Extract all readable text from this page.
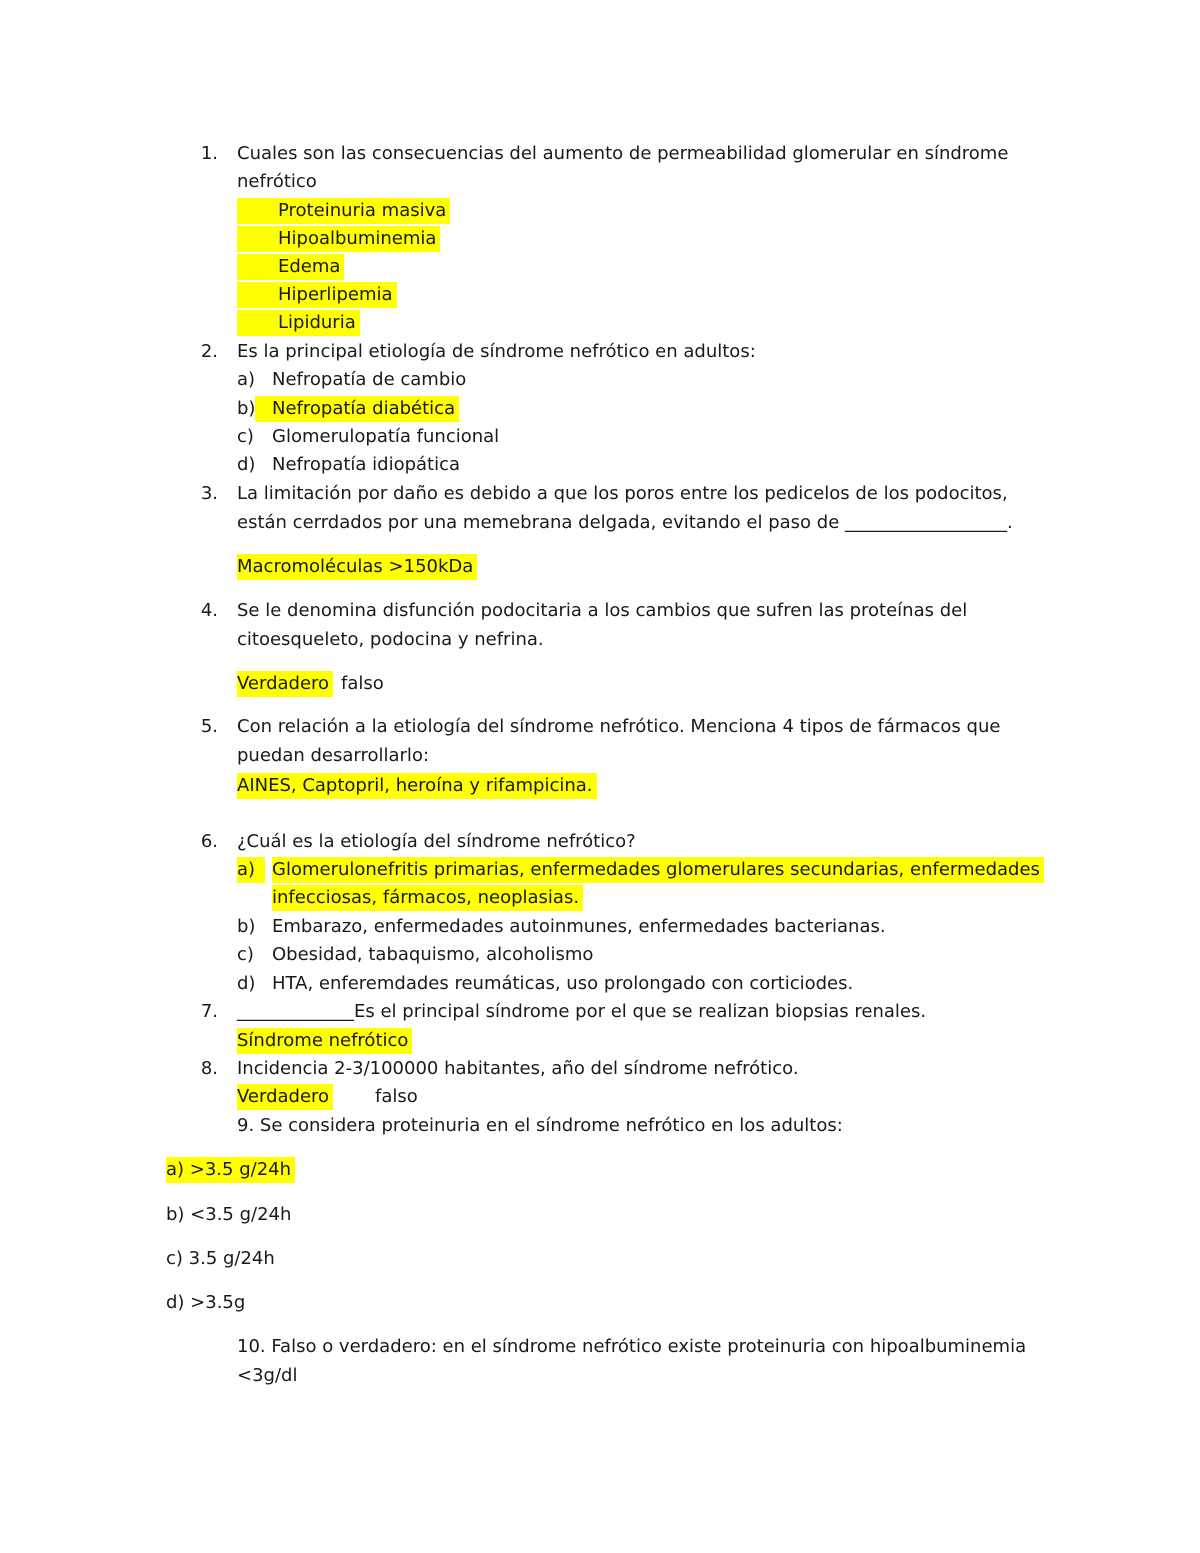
1. Cuales son las consecuencias del aumento de permeabilidad glomerular en síndrome
nefrótico
Proteinuria masiva
Hipoalbuminemia
Edema
Hiperlipemia
Lipiduria
2. Es la principal etiología de síndrome nefrótico en adultos:
a) Nefropatía de cambio
b) Nefropatía diabética
c) Glomerulopatía funcional
d) Nefropatía idiopática
3. La limitación por daño es debido a que los poros entre los pedicelos de los podocitos,
están cerrdados por una memebrana delgada, evitando el paso de __________________.
Macromoléculas >150kDa
4. Se le denomina disfunción podocitaria a los cambios que sufren las proteínas del
citoesqueleto, podocina y nefrina.
Verdadero falso
5. Con relación a la etiología del síndrome nefrótico. Menciona 4 tipos de fármacos que
puedan desarrollarlo:
AINES, Captopril, heroína y rifampicina.
6. ¿Cuál es la etiología del síndrome nefrótico?
a) Glomerulonefritis primarias, enfermedades glomerulares secundarias, enfermedades
infecciosas, fármacos, neoplasias.
b) Embarazo, enfermedades autoinmunes, enfermedades bacterianas.
c) Obesidad, tabaquismo, alcoholismo
d) HTA, enferemdades reumáticas, uso prolongado con corticiodes.
7. _____________Es el principal síndrome por el que se realizan biopsias renales.
Síndrome nefrótico
8. Incidencia 2-3/100000 habitantes, año del síndrome nefrótico.
Verdadero	falso
9. Se considera proteinuria en el síndrome nefrótico en los adultos:
a) >3.5 g/24h
b) <3.5 g/24h
c) 3.5 g/24h
d) >3.5g
10. Falso o verdadero: en el síndrome nefrótico existe proteinuria con hipoalbuminemia
<3g/dl
